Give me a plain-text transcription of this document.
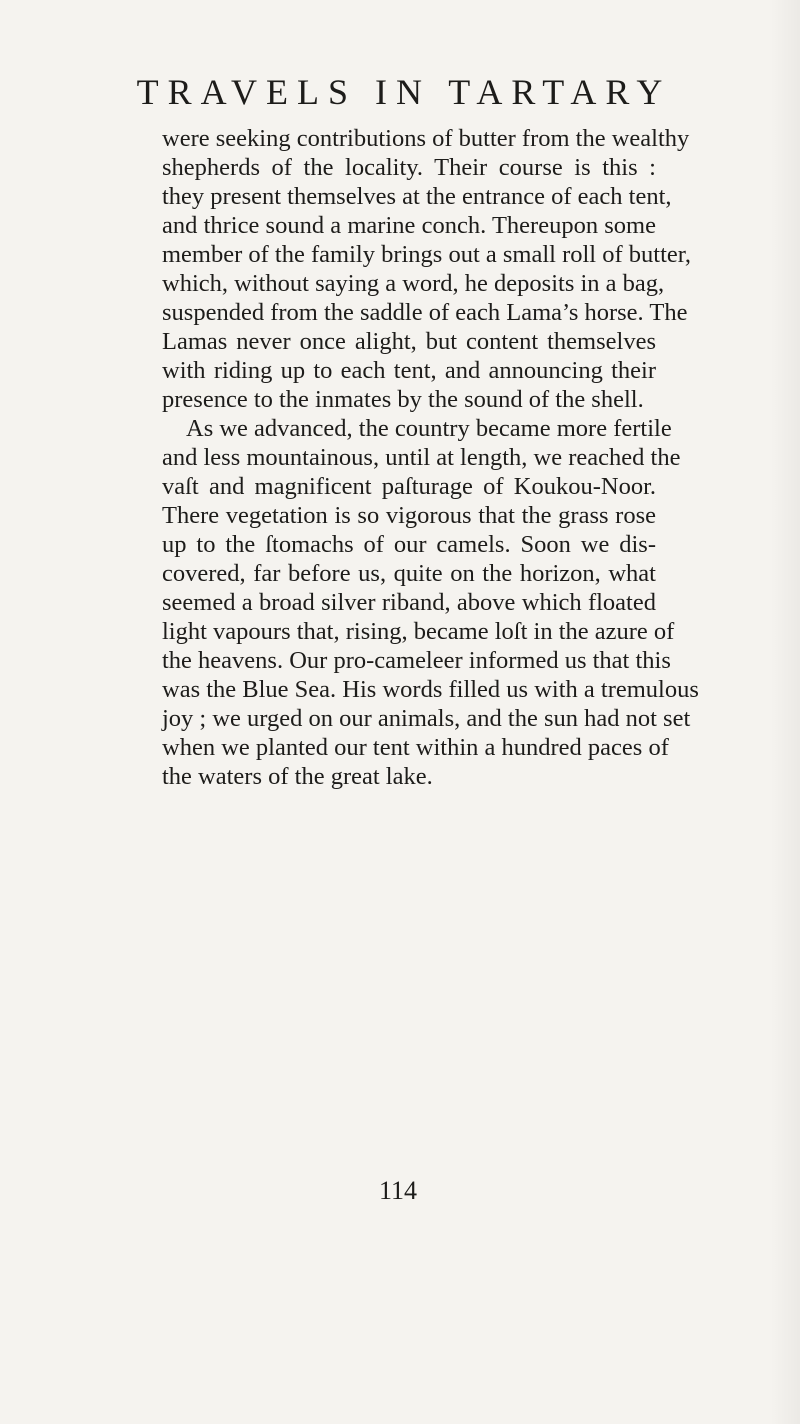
TRAVELS IN TARTARY
were seeking contributions of butter from the wealthy
shepherds of the locality. Their course is this :
they present themselves at the entrance of each tent,
and thrice sound a marine conch. Thereupon some
member of the family brings out a small roll of butter,
which, without saying a word, he deposits in a bag,
suspended from the saddle of each Lama’s horse. The
Lamas never once alight, but content themselves
with riding up to each tent, and announcing their
presence to the inmates by the sound of the shell.
As we advanced, the country became more fertile
and less mountainous, until at length, we reached the
vaſt and magnificent paſturage of Koukou-Noor.
There vegetation is so vigorous that the grass rose
up to the ſtomachs of our camels. Soon we dis-
covered, far before us, quite on the horizon, what
seemed a broad silver riband, above which floated
light vapours that, rising, became loſt in the azure of
the heavens. Our pro-cameleer informed us that this
was the Blue Sea. His words filled us with a tremulous
joy ; we urged on our animals, and the sun had not set
when we planted our tent within a hundred paces of
the waters of the great lake.
114
